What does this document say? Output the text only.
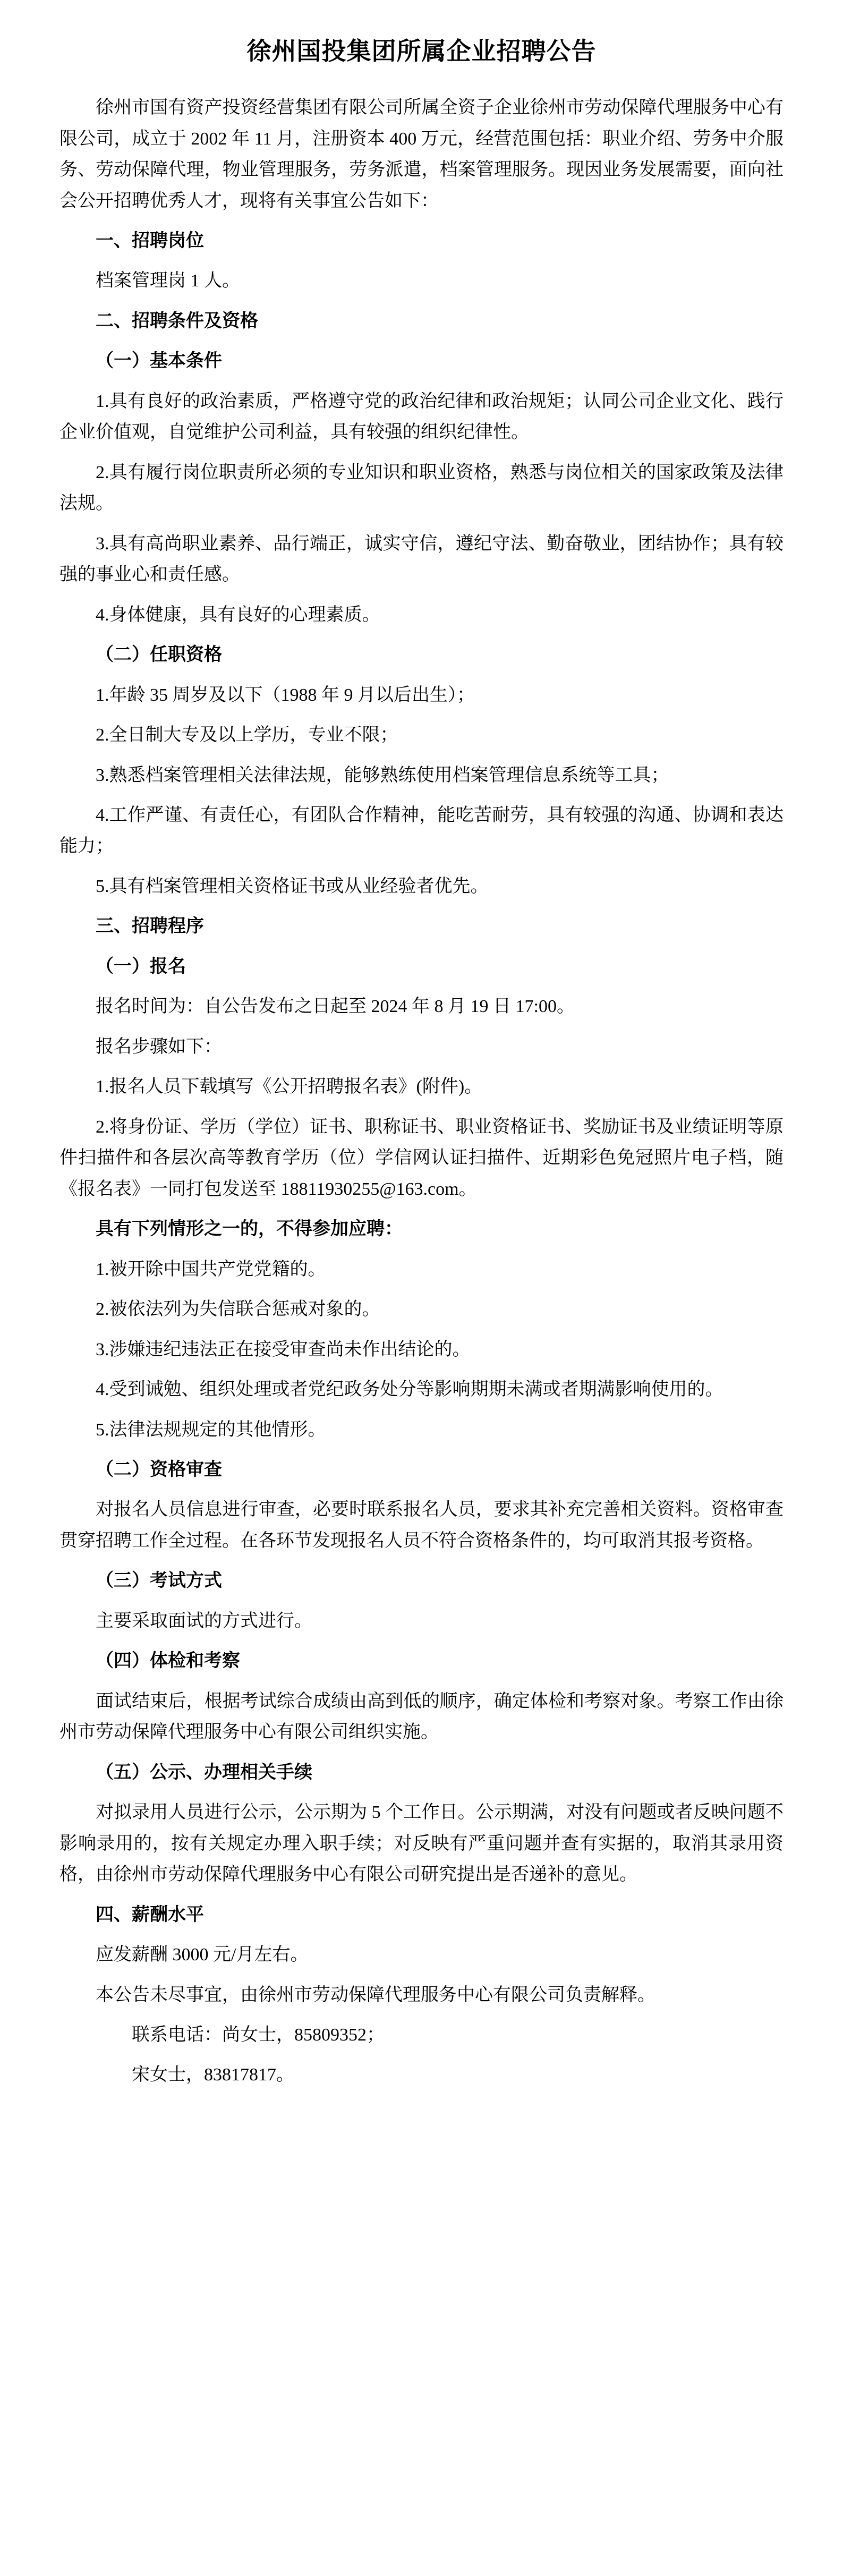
徐州国投集团所属企业招聘公告

徐州市国有资产投资经营集团有限公司所属全资子企业徐州市劳动保障代理服务中心有限公司，成立于 2002 年 11 月，注册资本 400 万元，经营范围包括：职业介绍、劳务中介服务、劳动保障代理，物业管理服务，劳务派遣，档案管理服务。现因业务发展需要，面向社会公开招聘优秀人才，现将有关事宜公告如下：

一、招聘岗位

档案管理岗 1 人。

二、招聘条件及资格

（一）基本条件

1.具有良好的政治素质，严格遵守党的政治纪律和政治规矩；认同公司企业文化、践行企业价值观，自觉维护公司利益，具有较强的组织纪律性。

2.具有履行岗位职责所必须的专业知识和职业资格，熟悉与岗位相关的国家政策及法律法规。

3.具有高尚职业素养、品行端正，诚实守信，遵纪守法、勤奋敬业，团结协作；具有较强的事业心和责任感。

4.身体健康，具有良好的心理素质。

（二）任职资格

1.年龄 35 周岁及以下（1988 年 9 月以后出生）；

2.全日制大专及以上学历，专业不限；

3.熟悉档案管理相关法律法规，能够熟练使用档案管理信息系统等工具；

4.工作严谨、有责任心，有团队合作精神，能吃苦耐劳，具有较强的沟通、协调和表达能力；

5.具有档案管理相关资格证书或从业经验者优先。

三、招聘程序

（一）报名

报名时间为：自公告发布之日起至 2024 年 8 月 19 日 17:00。

报名步骤如下：

1.报名人员下载填写《公开招聘报名表》(附件)。

2.将身份证、学历（学位）证书、职称证书、职业资格证书、奖励证书及业绩证明等原件扫描件和各层次高等教育学历（位）学信网认证扫描件、近期彩色免冠照片电子档，随《报名表》一同打包发送至 18811930255@163.com。

具有下列情形之一的，不得参加应聘：

1.被开除中国共产党党籍的。

2.被依法列为失信联合惩戒对象的。

3.涉嫌违纪违法正在接受审查尚未作出结论的。

4.受到诫勉、组织处理或者党纪政务处分等影响期期未满或者期满影响使用的。

5.法律法规规定的其他情形。

（二）资格审查

对报名人员信息进行审查，必要时联系报名人员，要求其补充完善相关资料。资格审查贯穿招聘工作全过程。在各环节发现报名人员不符合资格条件的，均可取消其报考资格。

（三）考试方式

主要采取面试的方式进行。

（四）体检和考察

面试结束后，根据考试综合成绩由高到低的顺序，确定体检和考察对象。考察工作由徐州市劳动保障代理服务中心有限公司组织实施。

（五）公示、办理相关手续

对拟录用人员进行公示，公示期为 5 个工作日。公示期满，对没有问题或者反映问题不影响录用的，按有关规定办理入职手续；对反映有严重问题并查有实据的，取消其录用资格，由徐州市劳动保障代理服务中心有限公司研究提出是否递补的意见。

四、薪酬水平

应发薪酬 3000 元/月左右。

本公告未尽事宜，由徐州市劳动保障代理服务中心有限公司负责解释。

联系电话：尚女士，85809352；

宋女士，83817817。
